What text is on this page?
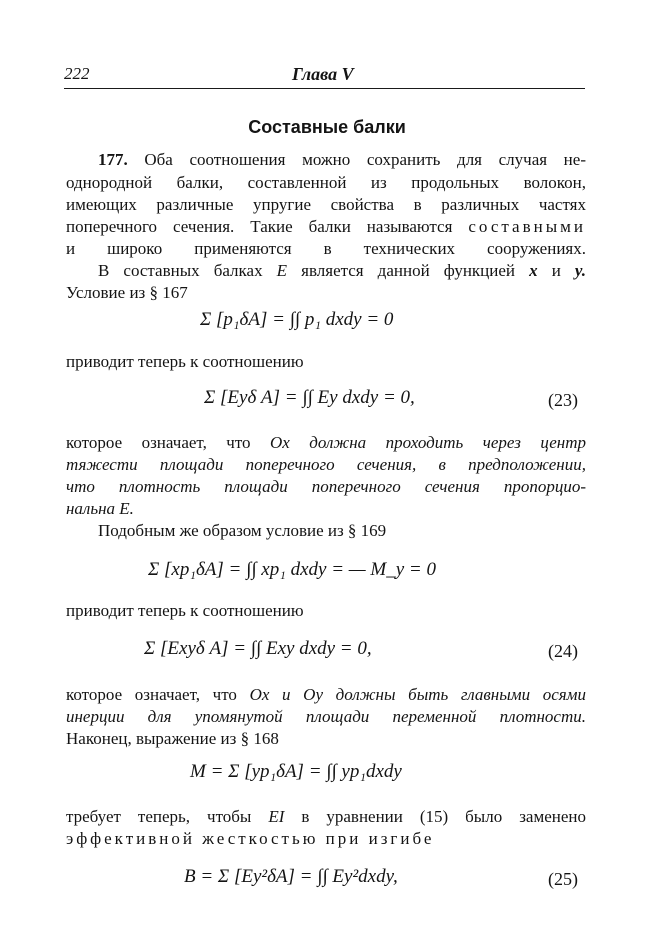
222	Глава V
Составные балки
177. Оба соотношения можно сохранить для случая не-
однородной балки, составленной из продольных волокон,
имеющих различные упругие свойства в различных частях
поперечного сечения. Такие балки называются составными
и широко применяются в технических сооружениях.
В составных балках E является данной функцией x и y.
Условие из § 167
Σ [p₁δA] = ∫∫ p₁ dxdy = 0
приводит теперь к соотношению
Σ [Eyδ A] = ∫∫ Ey dxdy = 0,	(23)
которое означает, что Ox должна проходить через центр
тяжести площади поперечного сечения, в предположении,
что плотность площади поперечного сечения пропорцио-
нальна E.
Подобным же образом условие из § 169
Σ [xp₁δA] = ∫∫ xp₁ dxdy = — M_y = 0
приводит теперь к соотношению
Σ [Exyδ A] = ∫∫ Exy dxdy = 0,	(24)
которое означает, что Ox и Oy должны быть главными осями
инерции для упомянутой площади переменной плотности.
Наконец, выражение из § 168
M = Σ [yp₁δA] = ∫∫ yp₁dxdy
требует теперь, чтобы EI в уравнении (15) было заменено
эффективной жесткостью при изгибе
B = Σ [Ey²δA] = ∫∫ Ey²dxdy,	(25)
